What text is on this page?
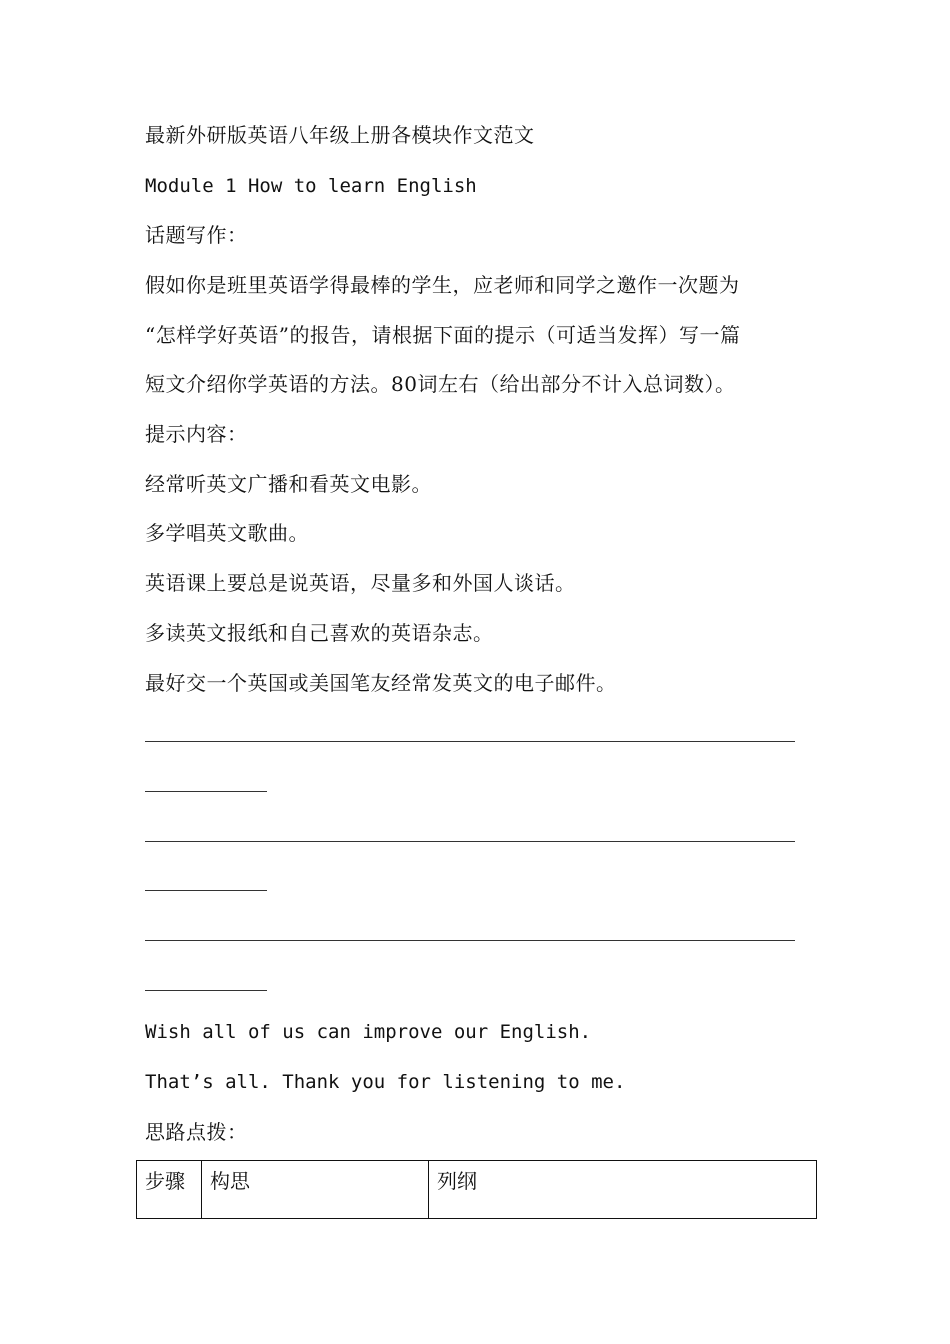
最新外研版英语八年级上册各模块作文范文
Module 1 How to learn English
话题写作：
假如你是班里英语学得最棒的学生，应老师和同学之邀作一次题为
“怎样学好英语”的报告，请根据下面的提示（可适当发挥）写一篇
短文介绍你学英语的方法。80词左右（给出部分不计入总词数）。
提示内容：
经常听英文广播和看英文电影。
多学唱英文歌曲。
英语课上要总是说英语，尽量多和外国人谈话。
多读英文报纸和自己喜欢的英语杂志。
最好交一个英国或美国笔友经常发英文的电子邮件。
Wish all of us can improve our English.
That’s all. Thank you for listening to me.
思路点拨：
步骤	构思	列纲
